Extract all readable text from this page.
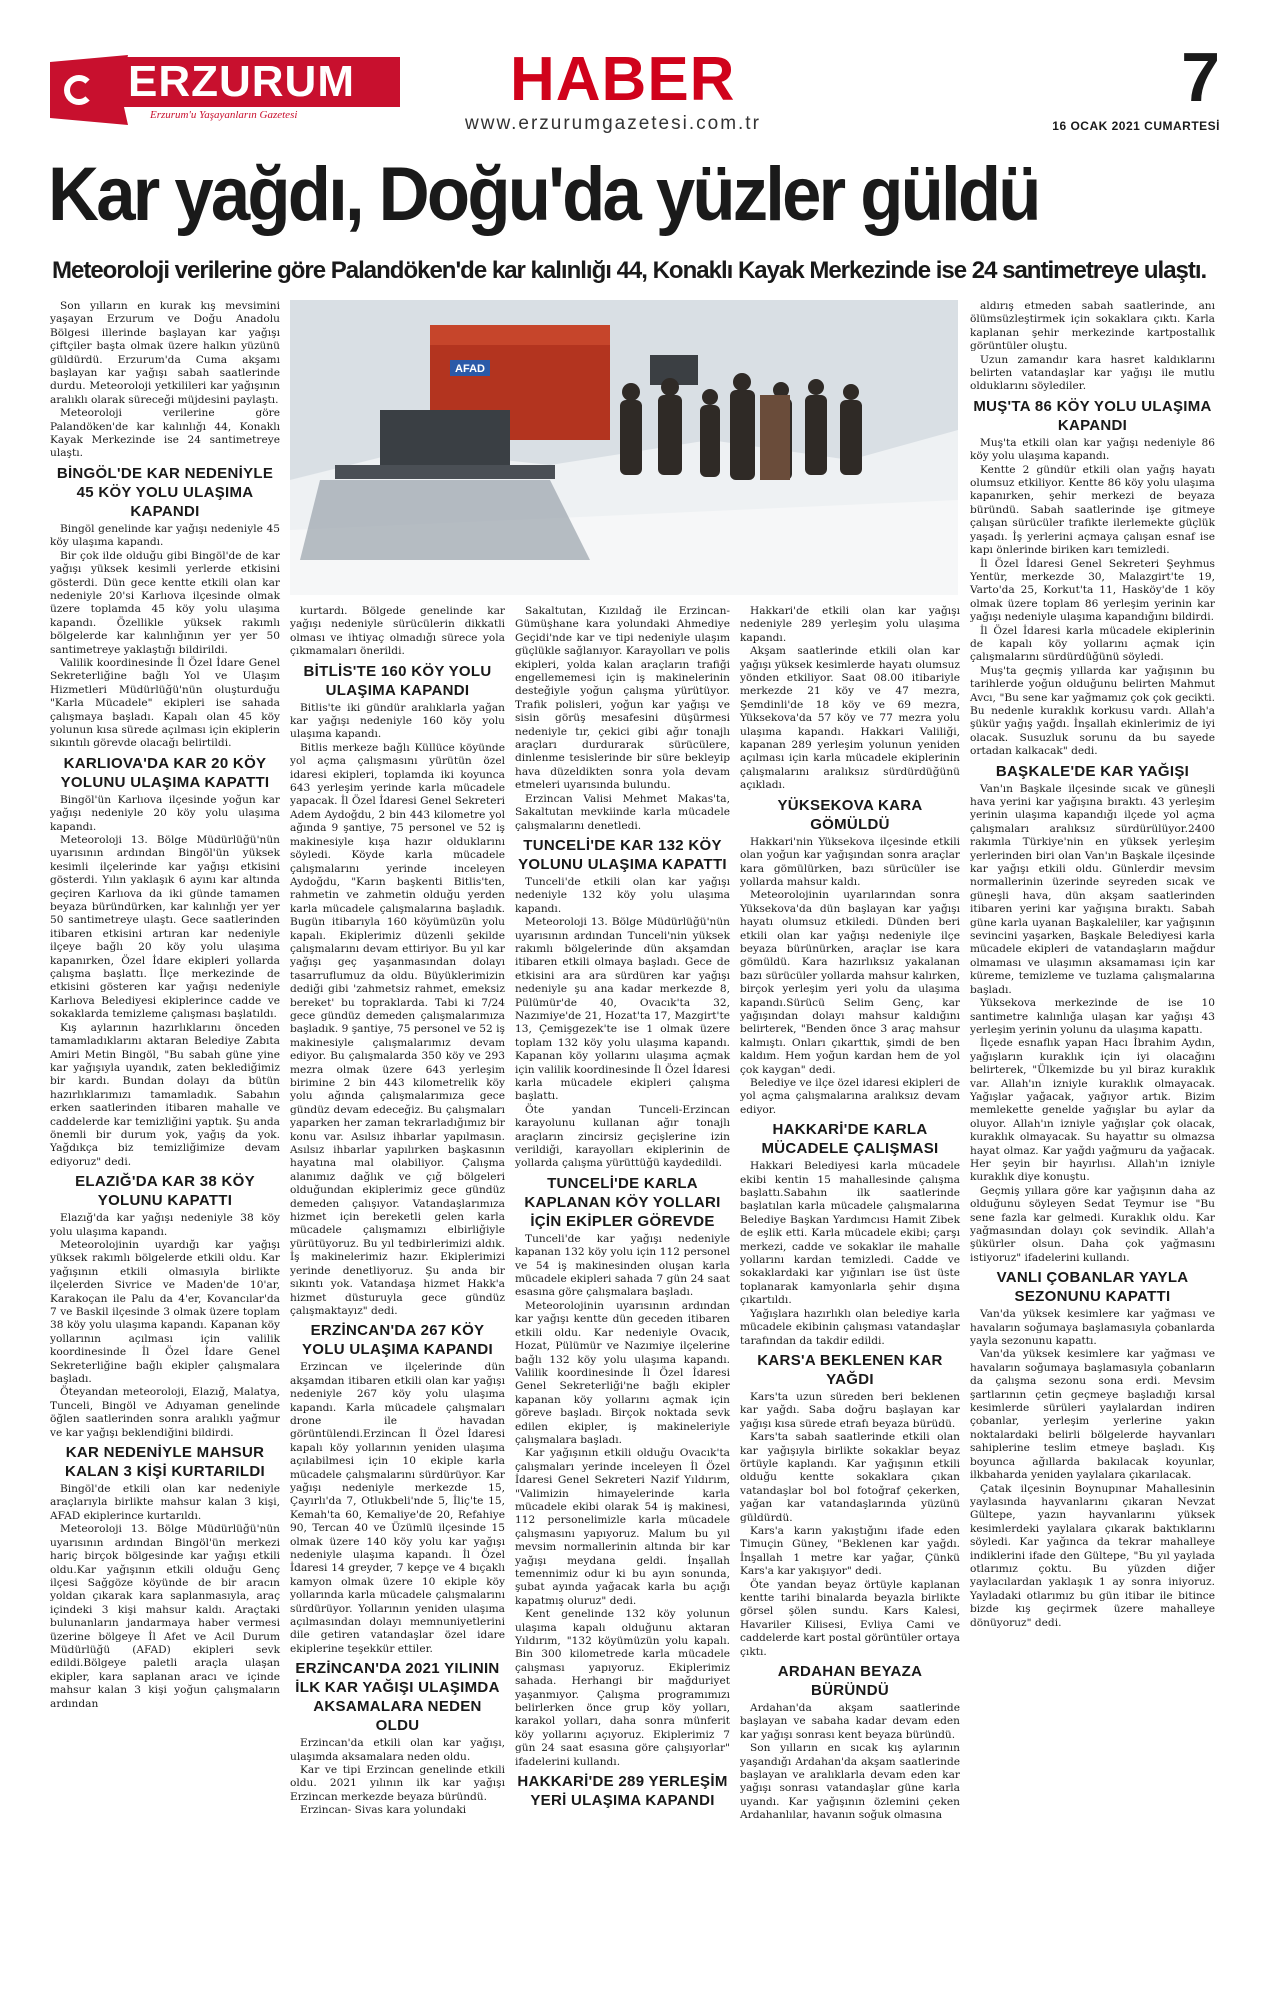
ERZURUM
Erzurum'u Yaşayanların Gazetesi
HABER
www.erzurumgazetesi.com.tr
7
16 OCAK 2021 CUMARTESİ
Kar yağdı, Doğu'da yüzler güldü
Meteoroloji verilerine göre Palandöken'de kar kalınlığı 44, Konaklı Kayak Merkezinde ise 24 santimetreye ulaştı.
AFAD

Son yılların en kurak kış mevsimini yaşayan Erzurum ve Doğu Anadolu Bölgesi illerinde başlayan kar yağışı çiftçiler başta olmak üzere halkın yüzünü güldürdü. Erzurum'da Cuma akşamı başlayan kar yağışı sabah saatlerinde durdu. Meteoroloji yetkilileri kar yağışının aralıklı olarak süreceği müjdesini paylaştı.

Meteoroloji verilerine göre Palandöken'de kar kalınlığı 44, Konaklı Kayak Merkezinde ise 24 santimetreye ulaştı.

BİNGÖL'DE KAR NEDENİYLE 45 KÖY YOLU ULAŞIMA KAPANDI

Bingöl genelinde kar yağışı nedeniyle 45 köy ulaşıma kapandı.

Bir çok ilde olduğu gibi Bingöl'de de kar yağışı yüksek kesimli yerlerde etkisini gösterdi. Dün gece kentte etkili olan kar nedeniyle 20'si Karlıova ilçesinde olmak üzere toplamda 45 köy yolu ulaşıma kapandı. Özellikle yüksek rakımlı bölgelerde kar kalınlığının yer yer 50 santimetreye yaklaştığı bildirildi.

Valilik koordinesinde İl Özel İdare Genel Sekreterliğine bağlı Yol ve Ulaşım Hizmetleri Müdürlüğü'nün oluşturduğu "Karla Mücadele" ekipleri ise sahada çalışmaya başladı. Kapalı olan 45 köy yolunun kısa sürede açılması için ekiplerin sıkıntılı görevde olacağı belirtildi.

KARLIOVA'DA KAR 20 KÖY YOLUNU ULAŞIMA KAPATTI

Bingöl'ün Karlıova ilçesinde yoğun kar yağışı nedeniyle 20 köy yolu ulaşıma kapandı.

Meteoroloji 13. Bölge Müdürlüğü'nün uyarısının ardından Bingöl'ün yüksek kesimli ilçelerinde kar yağışı etkisini gösterdi. Yılın yaklaşık 6 ayını kar altında geçiren Karlıova da iki günde tamamen beyaza büründürken, kar kalınlığı yer yer 50 santimetreye ulaştı. Gece saatlerinden itibaren etkisini artıran kar nedeniyle ilçeye bağlı 20 köy yolu ulaşıma kapanırken, Özel İdare ekipleri yollarda çalışma başlattı. İlçe merkezinde de etkisini gösteren kar yağışı nedeniyle Karlıova Belediyesi ekiplerince cadde ve sokaklarda temizleme çalışması başlatıldı.

Kış aylarının hazırlıklarını önceden tamamladıklarını aktaran Belediye Zabıta Amiri Metin Bingöl, "Bu sabah güne yine kar yağışıyla uyandık, zaten beklediğimiz bir kardı. Bundan dolayı da bütün hazırlıklarımızı tamamladık. Sabahın erken saatlerinden itibaren mahalle ve caddelerde kar temizliğini yaptık. Şu anda önemli bir durum yok, yağış da yok. Yağdıkça biz temizliğimize devam ediyoruz" dedi.

ELAZIĞ'DA KAR 38 KÖY YOLUNU KAPATTI

Elazığ'da kar yağışı nedeniyle 38 köy yolu ulaşıma kapandı.

Meteorolojinin uyardığı kar yağışı yüksek rakımlı bölgelerde etkili oldu. Kar yağışının etkili olmasıyla birlikte ilçelerden Sivrice ve Maden'de 10'ar, Karakoçan ile Palu da 4'er, Kovancılar'da 7 ve Baskil ilçesinde 3 olmak üzere toplam 38 köy yolu ulaşıma kapandı. Kapanan köy yollarının açılması için valilik koordinesinde İl Özel İdare Genel Sekreterliğine bağlı ekipler çalışmalara başladı.

Öteyandan meteoroloji, Elazığ, Malatya, Tunceli, Bingöl ve Adıyaman genelinde öğlen saatlerinden sonra aralıklı yağmur ve kar yağışı beklendiğini bildirdi.

KAR NEDENİYLE MAHSUR KALAN 3 KİŞİ KURTARILDI

Bingöl'de etkili olan kar nedeniyle araçlarıyla birlikte mahsur kalan 3 kişi, AFAD ekiplerince kurtarıldı.

Meteoroloji 13. Bölge Müdürlüğü'nün uyarısının ardından Bingöl'ün merkezi hariç birçok bölgesinde kar yağışı etkili oldu.Kar yağışının etkili olduğu Genç ilçesi Sağgöze köyünde de bir aracın yoldan çıkarak kara saplanmasıyla, araç içindeki 3 kişi mahsur kaldı. Araçtaki bulunanların jandarmaya haber vermesi üzerine bölgeye İl Afet ve Acil Durum Müdürlüğü (AFAD) ekipleri sevk edildi.Bölgeye paletli araçla ulaşan ekipler, kara saplanan aracı ve içinde mahsur kalan 3 kişi yoğun çalışmaların ardından

kurtardı. Bölgede genelinde kar yağışı nedeniyle sürücülerin dikkatli olması ve ihtiyaç olmadığı sürece yola çıkmamaları önerildi.

BİTLİS'TE 160 KÖY YOLU ULAŞIMA KAPANDI

Bitlis'te iki gündür aralıklarla yağan kar yağışı nedeniyle 160 köy yolu ulaşıma kapandı.

Bitlis merkeze bağlı Küllüce köyünde yol açma çalışmasını yürütün özel idaresi ekipleri, toplamda iki koyunca 643 yerleşim yerinde karla mücadele yapacak. İl Özel İdaresi Genel Sekreteri Adem Aydoğdu, 2 bin 443 kilometre yol ağında 9 şantiye, 75 personel ve 52 iş makinesiyle kışa hazır olduklarını söyledi. Köyde karla mücadele çalışmalarını yerinde inceleyen Aydoğdu, "Karın başkenti Bitlis'ten, rahmetin ve zahmetin olduğu yerden karla mücadele çalışmalarına başladık. Bugün itibarıyla 160 köyümüzün yolu kapalı. Ekiplerimiz düzenli şekilde çalışmalarını devam ettiriyor. Bu yıl kar yağışı geç yaşanmasından dolayı tasarruflumuz da oldu. Büyüklerimizin dediği gibi 'zahmetsiz rahmet, emeksiz bereket' bu topraklarda. Tabi ki 7/24 gece gündüz demeden çalışmalarımıza başladık. 9 şantiye, 75 personel ve 52 iş makinesiyle çalışmalarımız devam ediyor. Bu çalışmalarda 350 köy ve 293 mezra olmak üzere 643 yerleşim birimine 2 bin 443 kilometrelik köy yolu ağında çalışmalarımıza gece gündüz devam edeceğiz. Bu çalışmaları yaparken her zaman tekrarladığımız bir konu var. Asılsız ihbarlar yapılmasın. Asılsız ihbarlar yapılırken başkasının hayatına mal olabiliyor. Çalışma alanımız dağlık ve çığ bölgeleri olduğundan ekiplerimiz gece gündüz demeden çalışıyor. Vatandaşlarımıza hizmet için bereketli gelen karla mücadele çalışmamızı elbirliğiyle yürütüyoruz. Bu yıl tedbirlerimizi aldık. İş makinelerimiz hazır. Ekiplerimizi yerinde denetliyoruz. Şu anda bir sıkıntı yok. Vatandaşa hizmet Hakk'a hizmet düsturuyla gece gündüz çalışmaktayız" dedi.

ERZİNCAN'DA 267 KÖY YOLU ULAŞIMA KAPANDI

Erzincan ve ilçelerinde dün akşamdan itibaren etkili olan kar yağışı nedeniyle 267 köy yolu ulaşıma kapandı. Karla mücadele çalışmaları drone ile havadan görüntülendi.Erzincan İl Özel İdaresi kapalı köy yollarının yeniden ulaşıma açılabilmesi için 10 ekiple karla mücadele çalışmalarını sürdürüyor. Kar yağışı nedeniyle merkezde 15, Çayırlı'da 7, Otlukbeli'nde 5, İliç'te 15, Kemah'ta 60, Kemaliye'de 20, Refahiye 90, Tercan 40 ve Üzümlü ilçesinde 15 olmak üzere 140 köy yolu kar yağışı nedeniyle ulaşıma kapandı. İl Özel İdaresi 14 greyder, 7 kepçe ve 4 bıçaklı kamyon olmak üzere 10 ekiple köy yollarında karla mücadele çalışmalarını sürdürüyor. Yollarının yeniden ulaşıma açılmasından dolayı memnuniyetlerini dile getiren vatandaşlar özel idare ekiplerine teşekkür ettiler.

ERZİNCAN'DA 2021 YILININ İLK KAR YAĞIŞI ULAŞIMDA AKSAMALARA NEDEN OLDU

Erzincan'da etkili olan kar yağışı, ulaşımda aksamalara neden oldu.

Kar ve tipi Erzincan genelinde etkili oldu. 2021 yılının ilk kar yağışı Erzincan merkezde beyaza büründü.

Erzincan- Sivas kara yolundaki

Sakaltutan, Kızıldağ ile Erzincan-Gümüşhane kara yolundaki Ahmediye Geçidi'nde kar ve tipi nedeniyle ulaşım güçlükle sağlanıyor. Karayolları ve polis ekipleri, yolda kalan araçların trafiği engellememesi için iş makinelerinin desteğiyle yoğun çalışma yürütüyor. Trafik polisleri, yoğun kar yağışı ve sisin görüş mesafesini düşürmesi nedeniyle tır, çekici gibi ağır tonajlı araçları durdurarak sürücülere, dinlenme tesislerinde bir süre bekleyip hava düzeldikten sonra yola devam etmeleri uyarısında bulundu.

Erzincan Valisi Mehmet Makas'ta, Sakaltutan mevkiinde karla mücadele çalışmalarını denetledi.

TUNCELİ'DE KAR 132 KÖY YOLUNU ULAŞIMA KAPATTI

Tunceli'de etkili olan kar yağışı nedeniyle 132 köy yolu ulaşıma kapandı.

Meteoroloji 13. Bölge Müdürlüğü'nün uyarısının ardından Tunceli'nin yüksek rakımlı bölgelerinde dün akşamdan itibaren etkili olmaya başladı. Gece de etkisini ara ara sürdüren kar yağışı nedeniyle şu ana kadar merkezde 8, Pülümür'de 40, Ovacık'ta 32, Nazımiye'de 21, Hozat'ta 17, Mazgirt'te 13, Çemişgezek'te ise 1 olmak üzere toplam 132 köy yolu ulaşıma kapandı. Kapanan köy yollarını ulaşıma açmak için valilik koordinesinde İl Özel İdaresi karla mücadele ekipleri çalışma başlattı.

Öte yandan Tunceli-Erzincan karayolunu kullanan ağır tonajlı araçların zincirsiz geçişlerine izin verildiği, karayolları ekiplerinin de yollarda çalışma yürüttüğü kaydedildi.

TUNCELİ'DE KARLA KAPLANAN KÖY YOLLARI İÇİN EKİPLER GÖREVDE

Tunceli'de kar yağışı nedeniyle kapanan 132 köy yolu için 112 personel ve 54 iş makinesinden oluşan karla mücadele ekipleri sahada 7 gün 24 saat esasına göre çalışmalara başladı.

Meteorolojinin uyarısının ardından kar yağışı kentte dün geceden itibaren etkili oldu. Kar nedeniyle Ovacık, Hozat, Pülümür ve Nazımiye ilçelerine bağlı 132 köy yolu ulaşıma kapandı. Valilik koordinesinde İl Özel İdaresi Genel Sekreterliği'ne bağlı ekipler kapanan köy yollarını açmak için göreve başladı. Birçok noktada sevk edilen ekipler, iş makineleriyle çalışmalara başladı.

Kar yağışının etkili olduğu Ovacık'ta çalışmaları yerinde inceleyen İl Özel İdaresi Genel Sekreteri Nazif Yıldırım, "Valimizin himayelerinde karla mücadele ekibi olarak 54 iş makinesi, 112 personelimizle karla mücadele çalışmasını yapıyoruz. Malum bu yıl mevsim normallerinin altında bir kar yağışı meydana geldi. İnşallah temennimiz odur ki bu ayın sonunda, şubat ayında yağacak karla bu açığı kapatmış oluruz" dedi.

Kent genelinde 132 köy yolunun ulaşıma kapalı olduğunu aktaran Yıldırım, "132 köyümüzün yolu kapalı. Bin 300 kilometrede karla mücadele çalışması yapıyoruz. Ekiplerimiz sahada. Herhangi bir mağduriyet yaşanmıyor. Çalışma programımızı belirlerken önce grup köy yolları, karakol yolları, daha sonra münferit köy yollarını açıyoruz. Ekiplerimiz 7 gün 24 saat esasına göre çalışıyorlar" ifadelerini kullandı.

HAKKARİ'DE 289 YERLEŞİM YERİ ULAŞIMA KAPANDI

Hakkari'de etkili olan kar yağışı nedeniyle 289 yerleşim yolu ulaşıma kapandı.

Akşam saatlerinde etkili olan kar yağışı yüksek kesimlerde hayatı olumsuz yönden etkiliyor. Saat 08.00 itibariyle merkezde 21 köy ve 47 mezra, Şemdinli'de 18 köy ve 69 mezra, Yüksekova'da 57 köy ve 77 mezra yolu ulaşıma kapandı. Hakkari Valiliği, kapanan 289 yerleşim yolunun yeniden açılması için karla mücadele ekiplerinin çalışmalarını aralıksız sürdürdüğünü açıkladı.

YÜKSEKOVA KARA GÖMÜLDÜ

Hakkari'nin Yüksekova ilçesinde etkili olan yoğun kar yağışından sonra araçlar kara gömülürken, bazı sürücüler ise yollarda mahsur kaldı.

Meteorolojinin uyarılarından sonra Yüksekova'da dün başlayan kar yağışı hayatı olumsuz etkiledi. Dünden beri etkili olan kar yağışı nedeniyle ilçe beyaza bürünürken, araçlar ise kara gömüldü. Kara hazırlıksız yakalanan bazı sürücüler yollarda mahsur kalırken, birçok yerleşim yeri yolu da ulaşıma kapandı.Sürücü Selim Genç, kar yağışından dolayı mahsur kaldığını belirterek, "Benden önce 3 araç mahsur kalmıştı. Onları çıkarttık, şimdi de ben kaldım. Hem yoğun kardan hem de yol çok kaygan" dedi.

Belediye ve ilçe özel idaresi ekipleri de yol açma çalışmalarına aralıksız devam ediyor.

HAKKARİ'DE KARLA MÜCADELE ÇALIŞMASI

Hakkari Belediyesi karla mücadele ekibi kentin 15 mahallesinde çalışma başlattı.Sabahın ilk saatlerinde başlatılan karla mücadele çalışmalarına Belediye Başkan Yardımcısı Hamit Zibek de eşlik etti. Karla mücadele ekibi; çarşı merkezi, cadde ve sokaklar ile mahalle yollarını kardan temizledi. Cadde ve sokaklardaki kar yığınları ise üst üste toplanarak kamyonlarla şehir dışına çıkartıldı.

Yağışlara hazırlıklı olan belediye karla mücadele ekibinin çalışması vatandaşlar tarafından da takdir edildi.

KARS'A BEKLENEN KAR YAĞDI

Kars'ta uzun süreden beri beklenen kar yağdı. Saba doğru başlayan kar yağışı kısa sürede etrafı beyaza bürüdü.

Kars'ta sabah saatlerinde etkili olan kar yağışıyla birlikte sokaklar beyaz örtüyle kaplandı. Kar yağışının etkili olduğu kentte sokaklara çıkan vatandaşlar bol bol fotoğraf çekerken, yağan kar vatandaşlarında yüzünü güldürdü.

Kars'a karın yakıştığını ifade eden Timuçin Güney, "Beklenen kar yağdı. İnşallah 1 metre kar yağar, Çünkü Kars'a kar yakışıyor" dedi.

Öte yandan beyaz örtüyle kaplanan kentte tarihi binalarda beyazla birlikte görsel şölen sundu. Kars Kalesi, Havariler Kilisesi, Evliya Cami ve caddelerde kart postal görüntüler ortaya çıktı.

ARDAHAN BEYAZA BÜRÜNDÜ

Ardahan'da akşam saatlerinde başlayan ve sabaha kadar devam eden kar yağışı sonrası kent beyaza büründü.

Son yılların en sıcak kış aylarının yaşandığı Ardahan'da akşam saatlerinde başlayan ve aralıklarla devam eden kar yağışı sonrası vatandaşlar güne karla uyandı. Kar yağışının özlemini çeken Ardahanlılar, havanın soğuk olmasına

aldırış etmeden sabah saatlerinde, anı ölümsüzleştirmek için sokaklara çıktı. Karla kaplanan şehir merkezinde kartpostallık görüntüler oluştu.

Uzun zamandır kara hasret kaldıklarını belirten vatandaşlar kar yağışı ile mutlu olduklarını söylediler.

MUŞ'TA 86 KÖY YOLU ULAŞIMA KAPANDI

Muş'ta etkili olan kar yağışı nedeniyle 86 köy yolu ulaşıma kapandı.

Kentte 2 gündür etkili olan yağış hayatı olumsuz etkiliyor. Kentte 86 köy yolu ulaşıma kapanırken, şehir merkezi de beyaza büründü. Sabah saatlerinde işe gitmeye çalışan sürücüler trafikte ilerlemekte güçlük yaşadı. İş yerlerini açmaya çalışan esnaf ise kapı önlerinde biriken karı temizledi.

İl Özel İdaresi Genel Sekreteri Şeyhmus Yentür, merkezde 30, Malazgirt'te 19, Varto'da 25, Korkut'ta 11, Hasköy'de 1 köy olmak üzere toplam 86 yerleşim yerinin kar yağışı nedeniyle ulaşıma kapandığını bildirdi.

İl Özel İdaresi karla mücadele ekiplerinin de kapalı köy yollarını açmak için çalışmalarını sürdürdüğünü söyledi.

Muş'ta geçmiş yıllarda kar yağışının bu tarihlerde yoğun olduğunu belirten Mahmut Avcı, "Bu sene kar yağmamız çok çok gecikti. Bu nedenle kuraklık korkusu vardı. Allah'a şükür yağış yağdı. İnşallah ekinlerimiz de iyi olacak. Susuzluk sorunu da bu sayede ortadan kalkacak" dedi.

BAŞKALE'DE KAR YAĞIŞI

Van'ın Başkale ilçesinde sıcak ve güneşli hava yerini kar yağışına bıraktı. 43 yerleşim yerinin ulaşıma kapandığı ilçede yol açma çalışmaları aralıksız sürdürülüyor.2400 rakımla Türkiye'nin en yüksek yerleşim yerlerinden biri olan Van'ın Başkale ilçesinde kar yağışı etkili oldu. Günlerdir mevsim normallerinin üzerinde seyreden sıcak ve güneşli hava, dün akşam saatlerinden itibaren yerini kar yağışına bıraktı. Sabah güne karla uyanan Başkaleliler, kar yağışının sevincini yaşarken, Başkale Belediyesi karla mücadele ekipleri de vatandaşların mağdur olmaması ve ulaşımın aksamaması için kar küreme, temizleme ve tuzlama çalışmalarına başladı.

Yüksekova merkezinde de ise 10 santimetre kalınlığa ulaşan kar yağışı 43 yerleşim yerinin yolunu da ulaşıma kapattı.

İlçede esnaflık yapan Hacı İbrahim Aydın, yağışların kuraklık için iyi olacağını belirterek, "Ülkemizde bu yıl biraz kuraklık var. Allah'ın izniyle kuraklık olmayacak. Yağışlar yağacak, yağıyor artık. Bizim memlekette genelde yağışlar bu aylar da oluyor. Allah'ın izniyle yağışlar çok olacak, kuraklık olmayacak. Su hayattır su olmazsa hayat olmaz. Kar yağdı yağmuru da yağacak. Her şeyin bir hayırlısı. Allah'ın izniyle kuraklık diye konuştu.

Geçmiş yıllara göre kar yağışının daha az olduğunu söyleyen Sedat Teymur ise "Bu sene fazla kar gelmedi. Kuraklık oldu. Kar yağmasından dolayı çok sevindik. Allah'a şükürler olsun. Daha çok yağmasını istiyoruz" ifadelerini kullandı.

VANLI ÇOBANLAR YAYLA SEZONUNU KAPATTI

Van'da yüksek kesimlere kar yağması ve havaların soğumaya başlamasıyla çobanlarda yayla sezonunu kapattı.

Van'da yüksek kesimlere kar yağması ve havaların soğumaya başlamasıyla çobanların da çalışma sezonu sona erdi. Mevsim şartlarının çetin geçmeye başladığı kırsal kesimlerde sürüleri yaylalardan indiren çobanlar, yerleşim yerlerine yakın noktalardaki belirli bölgelerde hayvanları sahiplerine teslim etmeye başladı. Kış boyunca ağıllarda bakılacak koyunlar, ilkbaharda yeniden yaylalara çıkarılacak.

Çatak ilçesinin Boynupınar Mahallesinin yaylasında hayvanlarını çıkaran Nevzat Gültepe, yazın hayvanlarını yüksek kesimlerdeki yaylalara çıkarak baktıklarını söyledi. Kar yağınca da tekrar mahalleye indiklerini ifade den Gültepe, "Bu yıl yaylada otlarımız çoktu. Bu yüzden diğer yaylacılardan yaklaşık 1 ay sonra iniyoruz. Yayladaki otlarımız bu gün itibar ile bitince bizde kış geçirmek üzere mahalleye dönüyoruz" dedi.
